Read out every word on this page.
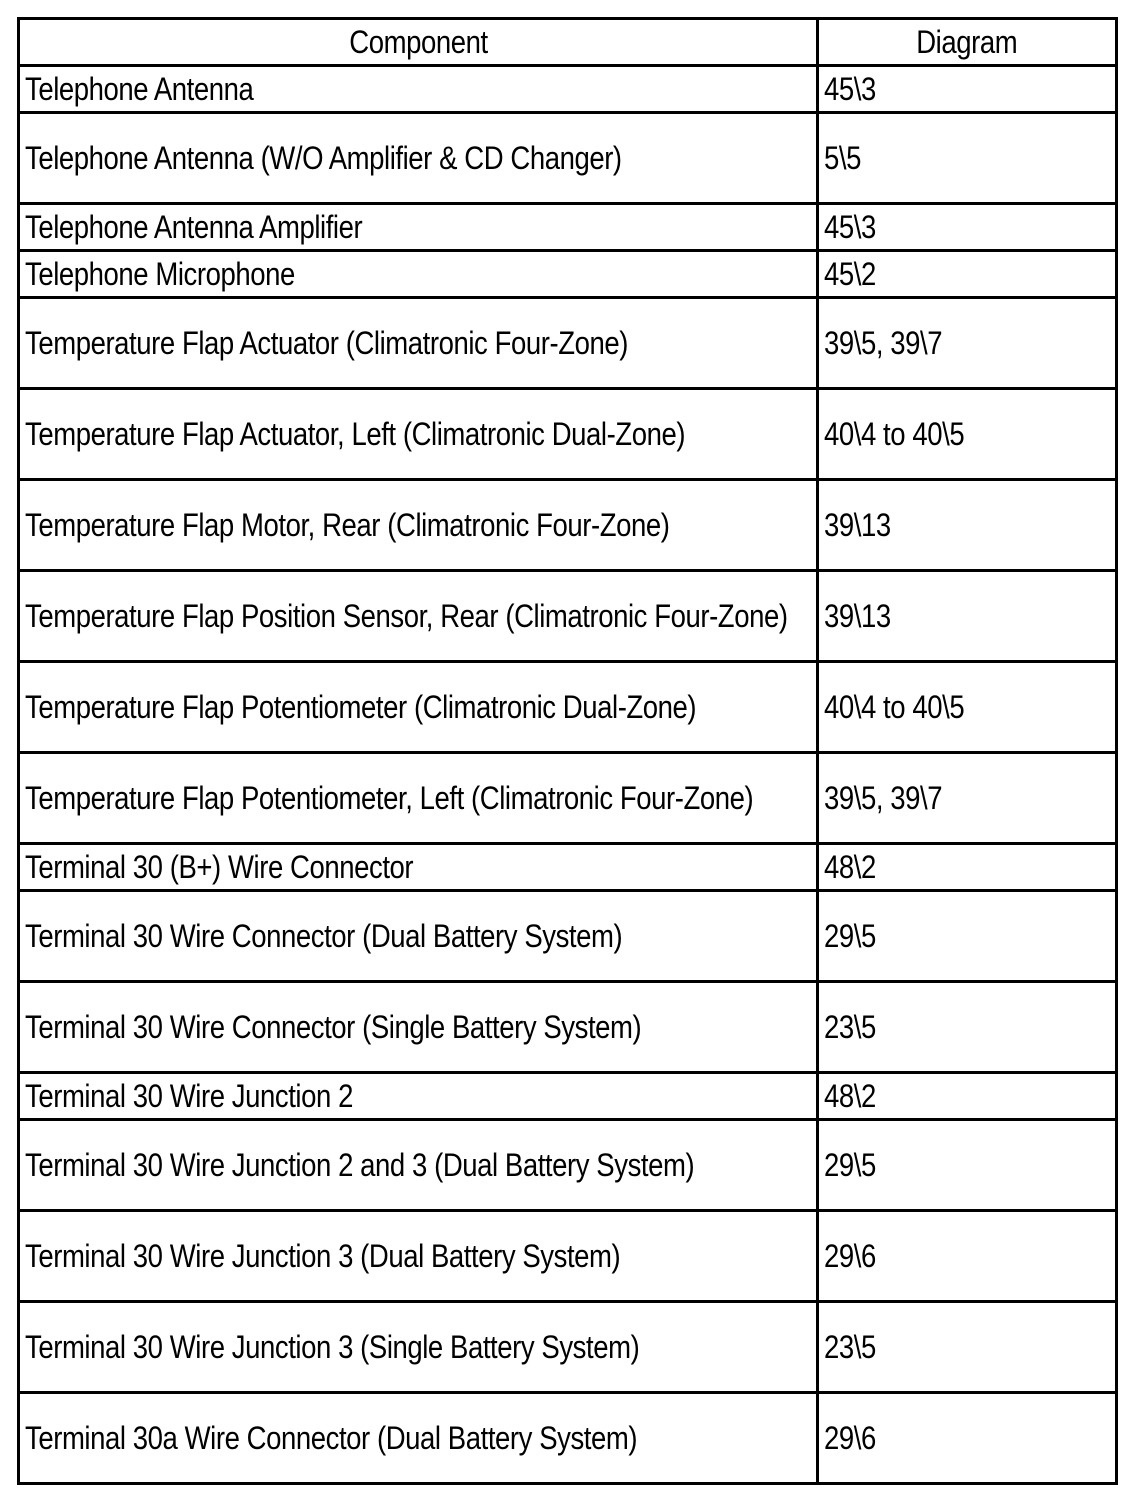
Component	Diagram
Telephone Antenna	45\3
Telephone Antenna (W/O Amplifier & CD Changer)	5\5
Telephone Antenna Amplifier	45\3
Telephone Microphone	45\2
Temperature Flap Actuator (Climatronic Four-Zone)	39\5, 39\7
Temperature Flap Actuator, Left (Climatronic Dual-Zone)	40\4 to 40\5
Temperature Flap Motor, Rear (Climatronic Four-Zone)	39\13
Temperature Flap Position Sensor, Rear (Climatronic Four-Zone)	39\13
Temperature Flap Potentiometer (Climatronic Dual-Zone)	40\4 to 40\5
Temperature Flap Potentiometer, Left (Climatronic Four-Zone)	39\5, 39\7
Terminal 30 (B+) Wire Connector	48\2
Terminal 30 Wire Connector (Dual Battery System)	29\5
Terminal 30 Wire Connector (Single Battery System)	23\5
Terminal 30 Wire Junction 2	48\2
Terminal 30 Wire Junction 2 and 3 (Dual Battery System)	29\5
Terminal 30 Wire Junction 3 (Dual Battery System)	29\6
Terminal 30 Wire Junction 3 (Single Battery System)	23\5
Terminal 30a Wire Connector (Dual Battery System)	29\6
